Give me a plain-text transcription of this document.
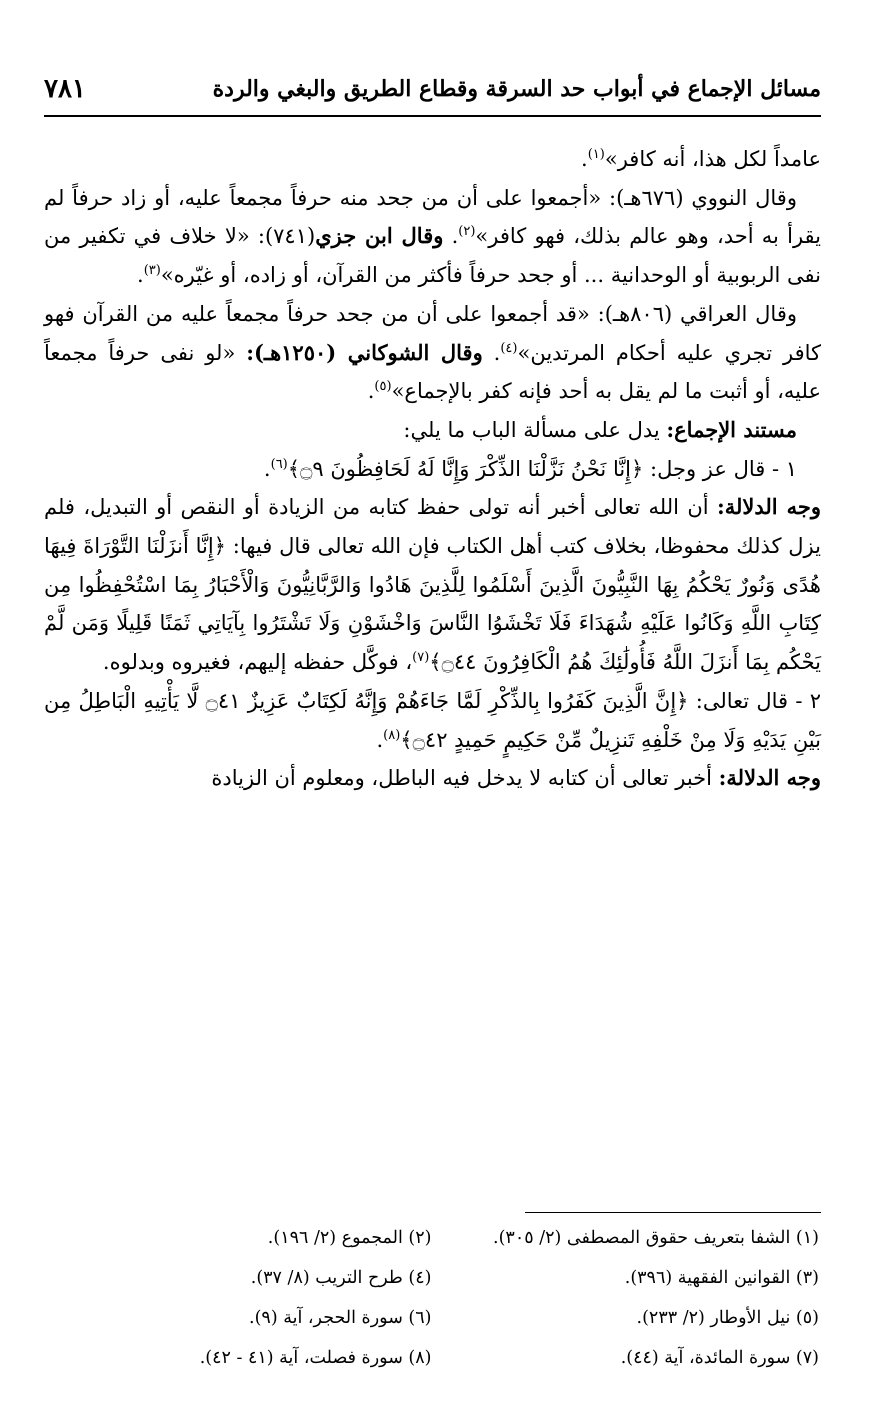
مسائل الإجماع في أبواب حد السرقة وقطاع الطريق والبغي والردة
٧٨١

عامداً لكل هذا، أنه كافر»$^{(١)}$.

وقال النووي (٦٧٦هـ): «أجمعوا على أن من جحد منه حرفاً مجمعاً عليه، أو زاد حرفاً لم يقرأ به أحد، وهو عالم بذلك، فهو كافر»$^{(٢)}$. وقال ابن جزي(٧٤١): «لا خلاف في تكفير من نفى الربوبية أو الوحدانية ... أو جحد حرفاً فأكثر من القرآن، أو زاده، أو غيّره»$^{(٣)}$.

وقال العراقي (٨٠٦هـ): «قد أجمعوا على أن من جحد حرفاً مجمعاً عليه من القرآن فهو كافر تجري عليه أحكام المرتدين»$^{(٤)}$. وقال الشوكاني (١٢٥٠هـ): «لو نفى حرفاً مجمعاً عليه، أو أثبت ما لم يقل به أحد فإنه كفر بالإجماع»$^{(٥)}$.

مستند الإجماع: يدل على مسألة الباب ما يلي:

١ - قال عز وجل: ﴿إِنَّا نَحْنُ نَزَّلْنَا الذِّكْرَ وَإِنَّا لَهُ لَحَافِظُونَ ۝٩﴾$^{(٦)}$.

وجه الدلالة: أن الله تعالى أخبر أنه تولى حفظ كتابه من الزيادة أو النقص أو التبديل، فلم يزل كذلك محفوظا، بخلاف كتب أهل الكتاب فإن الله تعالى قال فيها: ﴿إِنَّا أَنزَلْنَا التَّوْرَاةَ فِيهَا هُدًى وَنُورٌ يَحْكُمُ بِهَا النَّبِيُّونَ الَّذِينَ أَسْلَمُوا لِلَّذِينَ هَادُوا وَالرَّبَّانِيُّونَ وَالْأَحْبَارُ بِمَا اسْتُحْفِظُوا مِن كِتَابِ اللَّهِ وَكَانُوا عَلَيْهِ شُهَدَاءَ فَلَا تَخْشَوُا النَّاسَ وَاخْشَوْنِ وَلَا تَشْتَرُوا بِآيَاتِي ثَمَنًا قَلِيلًا وَمَن لَّمْ يَحْكُم بِمَا أَنزَلَ اللَّهُ فَأُولَٰئِكَ هُمُ الْكَافِرُونَ ۝٤٤﴾$^{(٧)}$، فوكَّل حفظه إليهم، فغيروه وبدلوه.

٢ - قال تعالى: ﴿إِنَّ الَّذِينَ كَفَرُوا بِالذِّكْرِ لَمَّا جَاءَهُمْ وَإِنَّهُ لَكِتَابٌ عَزِيزٌ ۝٤١ لَّا يَأْتِيهِ الْبَاطِلُ مِن بَيْنِ يَدَيْهِ وَلَا مِنْ خَلْفِهِ تَنزِيلٌ مِّنْ حَكِيمٍ حَمِيدٍ ۝٤٢﴾$^{(٨)}$.

وجه الدلالة: أخبر تعالى أن كتابه لا يدخل فيه الباطل، ومعلوم أن الزيادة

(١) الشفا بتعريف حقوق المصطفى (٢/ ٣٠٥).
(٢) المجموع (٢/ ١٩٦).
(٣) القوانين الفقهية (٣٩٦).
(٤) طرح التريب (٨/ ٣٧).
(٥) نيل الأوطار (٢/ ٢٣٣).
(٦) سورة الحجر، آية (٩).
(٧) سورة المائدة، آية (٤٤).
(٨) سورة فصلت، آية (٤١ - ٤٢).
